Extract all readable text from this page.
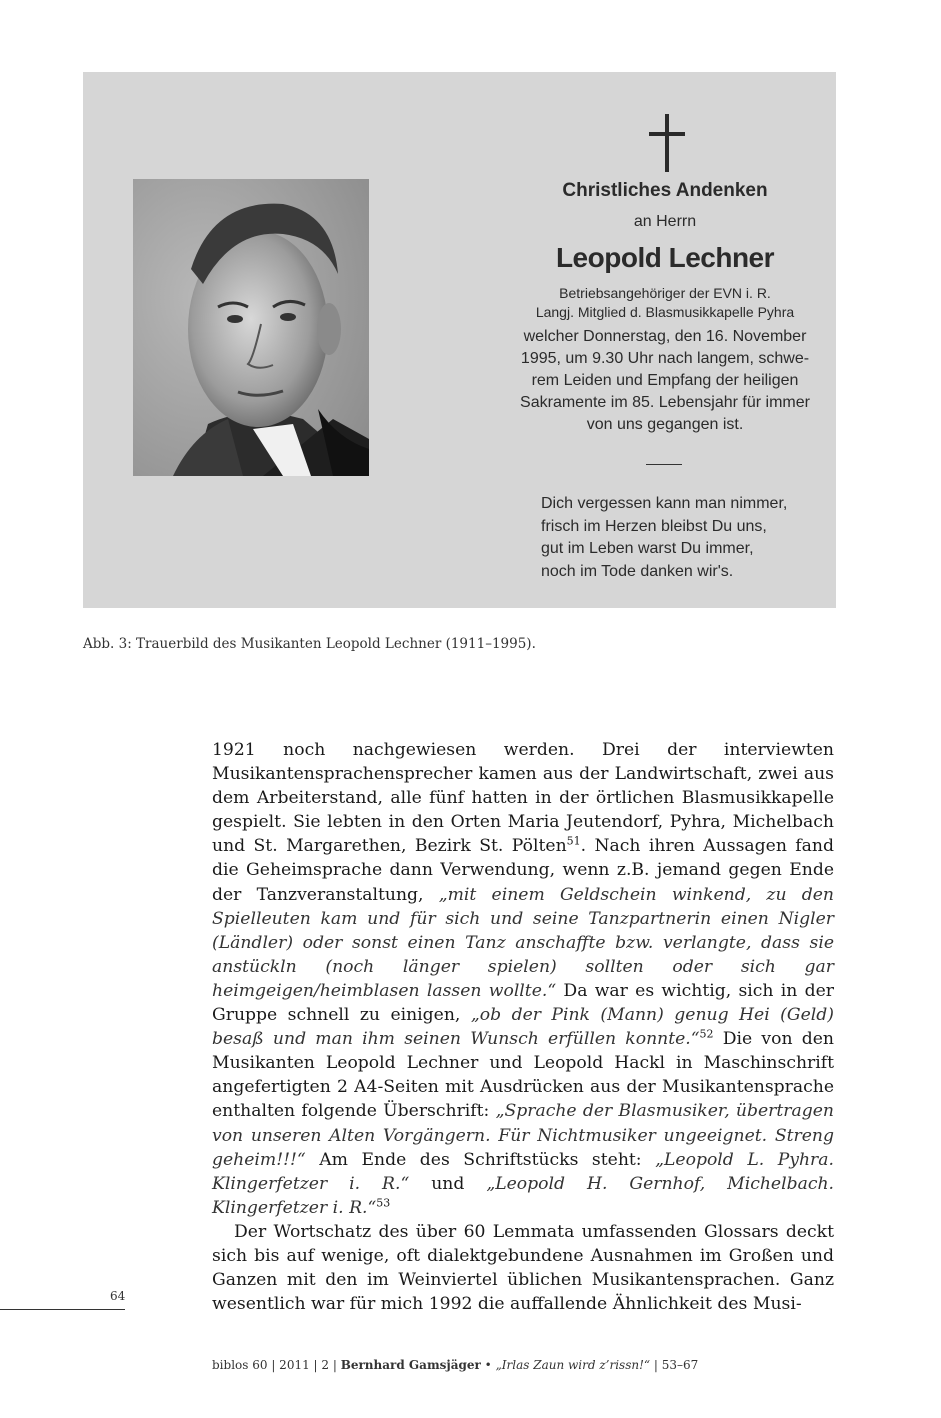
Christliches Andenken
an Herrn
Leopold Lechner
Betriebsangehöriger der EVN i. R.
Langj. Mitglied d. Blasmusikkapelle Pyhra
welcher Donnerstag, den 16. November
1995, um 9.30 Uhr nach langem, schwe-
rem Leiden und Empfang der heiligen
Sakramente im 85. Lebensjahr für immer
von uns gegangen ist.
Dich vergessen kann man nimmer,
frisch im Herzen bleibst Du uns,
gut im Leben warst Du immer,
noch im Tode danken wir's.
Abb. 3: Trauerbild des Musikanten Leopold Lechner (1911–1995).

1921 noch nachgewiesen werden. Drei der interviewten Musikantensprachensprecher kamen aus der Landwirtschaft, zwei aus dem Arbeiterstand, alle fünf hatten in der örtlichen Blasmusikkapelle gespielt. Sie lebten in den Orten Maria Jeutendorf, Pyhra, Michelbach und St. Margarethen, Bezirk St. Pölten$^{51}$. Nach ihren Aussagen fand die Geheimsprache dann Verwendung, wenn z.B. jemand gegen Ende der Tanzveranstaltung, „mit einem Geldschein winkend, zu den Spielleuten kam und für sich und seine Tanzpartnerin einen Nigler (Ländler) oder sonst einen Tanz anschaffte bzw. verlangte, dass sie anstückln (noch länger spielen) sollten oder sich gar heimgeigen/heimblasen lassen wollte.“ Da war es wichtig, sich in der Gruppe schnell zu einigen, „ob der Pink (Mann) genug Hei (Geld) besaß und man ihm seinen Wunsch erfüllen konnte.“$^{52}$ Die von den Musikanten Leopold Lechner und Leopold Hackl in Maschinschrift angefertigten 2 A4-Seiten mit Ausdrücken aus der Musikantensprache enthalten folgende Überschrift: „Sprache der Blasmusiker, übertragen von unseren Alten Vorgängern. Für Nichtmusiker ungeeignet. Streng geheim!!!“ Am Ende des Schriftstücks steht: „Leopold L. Pyhra. Klingerfetzer i. R.“ und „Leopold H. Gernhof, Michelbach. Klingerfetzer i. R.“$^{53}$

Der Wortschatz des über 60 Lemmata umfassenden Glossars deckt sich bis auf wenige, oft dialektgebundene Ausnahmen im Großen und Ganzen mit den im Weinviertel üblichen Musikantensprachen. Ganz wesentlich war für mich 1992 die auffallende Ähnlichkeit des Musi-

64
biblos 60 | 2011 | 2 | Bernhard Gamsjäger • „Irlas Zaun wird z’rissn!“ | 53–67
